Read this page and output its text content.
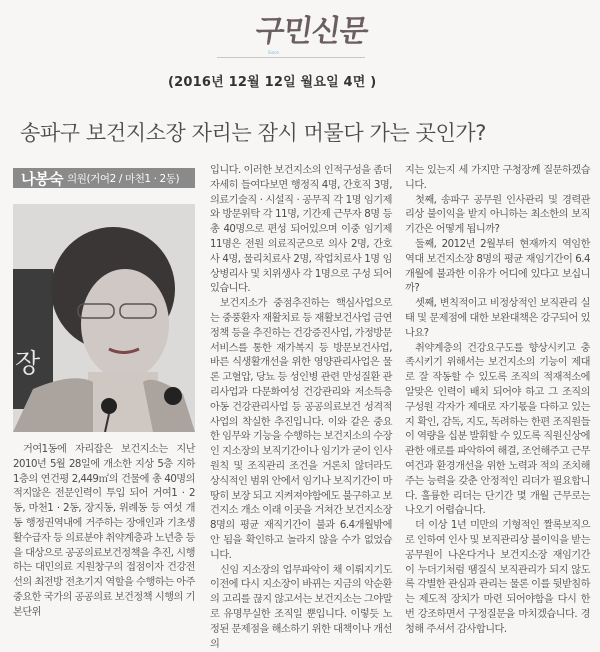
구민신문
Since
(2016년 12월 12일 월요일 4면 )
송파구 보건지소장 자리는 잠시 머물다 가는 곳인가?
나봉숙 의원(거여2 / 마천1 · 2동)
장

거여1동에 자리잡은 보건지소는 지난 2010년 5월 28일에 개소한 지상 5층 지하 1층의 연건평 2,449㎡의 건물에 총 40명의 적지않은 전문인력이 투입 되어 거여1 · 2동, 마천1 · 2동, 장지동, 위례동 등 여섯 개 동 행정권역내에 거주하는 장애인과 기초생활수급자 등 의료분야 취약계층과 노년층 등을 대상으로 공공의료보건정책을 추진, 시행하는 대민의료 지원창구의 접점이자 건강전선의 최전방 전초기지 역할을 수행하는 아주 중요한 국가의 공공의료 보건정책 시행의 기본단위

입니다. 이러한 보건지소의 인적구성을 좀더 자세히 들여다보면 행정직 4명, 간호직 3명, 의료기술직 · 시설직 · 공무직 각 1명 임기제와 방문위탁 각 11명, 기간제 근무자 8명 등 총 40명으로 편성 되어있으며 이중 임기제 11명은 전원 의료직군으로 의사 2명, 간호사 4명, 물리치료사 2명, 작업치료사 1명 임상병리사 및 치위생사 각 1명으로 구성 되어 있습니다.

보건지소가 중점추진하는 핵심사업으로는 중풍환자 재활치료 등 재활보건사업 금연정책 등을 추진하는 건강증진사업, 가정방문 서비스를 통한 재가복지 등 방문보건사업, 바른 식생활개선을 위한 영양관리사업은 물론 고혈압, 당뇨 등 성인병 관련 만성질환 관리사업과 다문화여성 건강관리와 저소득층아동 건강관리사업 등 공공의료보건 성격적 사업의 착실한 추진입니다. 이와 같은 중요한 임무와 기능을 수행하는 보건지소의 수장인 지소장의 보직기간이나 임기가 굳이 인사원칙 및 조직관리 조건을 거론치 않더라도 상식적인 범위 안에서 임기나 보직기간이 마땅히 보장 되고 지켜져야함에도 불구하고 보건지소 개소 이래 이곳을 거쳐간 보건지소장 8명의 평균 재직기간이 불과 6.4개월밖에 안 됨을 확인하고 놀라지 않을 수가 없었습니다.

신임 지소장의 업무파악이 채 이뤄지기도 이전에 다시 지소장이 바뀌는 지금의 악순환의 고리를 끊지 않고서는 보건지소는 그야말로 유명무실한 조직일 뿐입니다. 이렇듯 노정된 문제점을 해소하기 위한 대책이나 개선의

지는 있는지 세 가지만 구청장께 질문하겠습니다.

첫째, 송파구 공무원 인사관리 및 경력관리상 불이익을 받지 아니하는 최소한의 보직기간은 어떻게 됩니까?

둘째, 2012년 2월부터 현재까지 역임한 역대 보건지소장 8명의 평균 재임기간이 6.4개월에 불과한 이유가 어디에 있다고 보십니까?

셋째, 변칙적이고 비정상적인 보직관리 실태 및 문제점에 대한 보완대책은 강구되어 있나요?

취약계층의 건강요구도를 향상시키고 충족시키기 위해서는 보건지소의 기능이 제대로 잘 작동할 수 있도록 조직의 적재적소에 알맞은 인력이 배치 되어야 하고 그 조직의 구성원 각자가 제대로 자기몫을 다하고 있는지 확인, 감독, 지도, 독려하는 한편 조직원들이 역량을 십분 발휘할 수 있도록 직원신상에 관한 애로를 파악하여 해결, 조언해주고 근무여건과 환경개선을 위한 노력과 적의 조치해주는 능력을 갖춘 안정적인 리더가 필요합니다. 훌륭한 리더는 단기간 몇 개월 근무로는 나오기 어렵습니다.

더 이상 1년 미만의 기형적인 짤록보직으로 인하여 인사 및 보직관리상 불이익을 받는 공무원이 나온다거나 보건지소장 재임기간이 누더기처럼 땜질식 보직관리가 되지 않도록 각별한 관심과 관리는 물론 이를 뒷받침하는 제도적 장치가 마련 되어야함을 다시 한 번 강조하면서 구정질문을 마치겠습니다. 경청해 주셔서 감사합니다.
